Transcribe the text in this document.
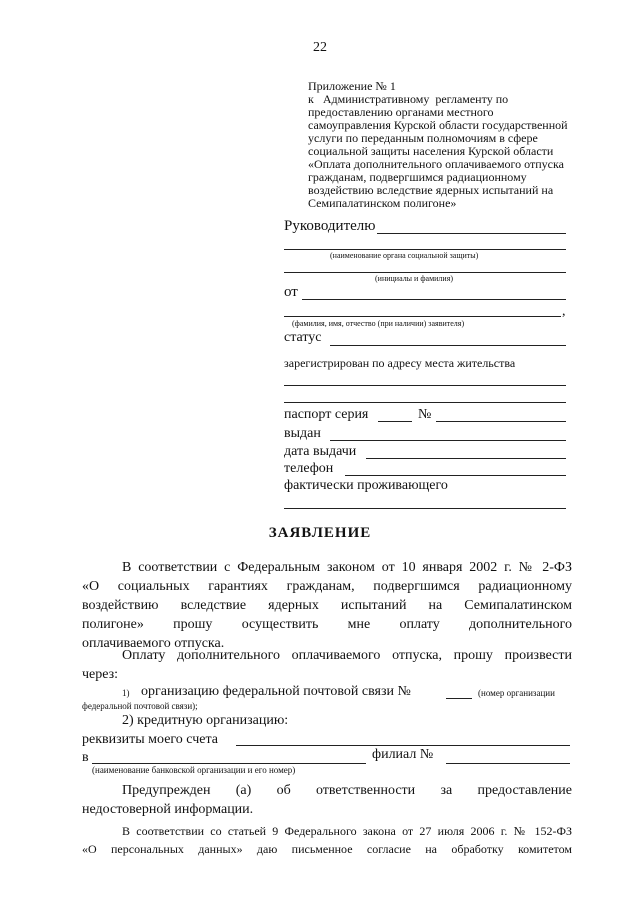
22
Приложение № 1
к   Административному  регламенту по
предоставлению органами местного
самоуправления Курской области государственной
услуги по переданным полномочиям в сфере
социальной защиты населения Курской области
«Оплата дополнительного оплачиваемого отпуска
гражданам, подвергшимся радиационному
воздействию вследствие ядерных испытаний на
Семипалатинском полигоне»
Руководителю
(наименование органа социальной защиты)
(инициалы и фамилия)
от
,
(фамилия, имя, отчество (при наличии) заявителя)
статус
зарегистрирован по адресу места жительства
паспорт серия	№
выдан
дата выдачи
телефон
фактически проживающего
ЗАЯВЛЕНИЕ
В соответствии с Федеральным законом от 10 января 2002 г. № 2-ФЗ
«О социальных гарантиях гражданам, подвергшимся радиационному
воздействию вследствие ядерных испытаний на Семипалатинском
полигоне» прошу осуществить мне оплату дополнительного
оплачиваемого отпуска.
Оплату дополнительного оплачиваемого отпуска, прошу произвести
через:
1) организацию федеральной почтовой связи №	(номер организации
федеральной почтовой связи);
2) кредитную организацию:
реквизиты моего счета
в	филиал №
(наименование банковской организации и его номер)
Предупрежден (а) об ответственности за предоставление
недостоверной информации.
В соответствии со статьей 9 Федерального закона от 27 июля 2006 г. № 152-ФЗ
«О персональных данных» даю письменное согласие на обработку комитетом
